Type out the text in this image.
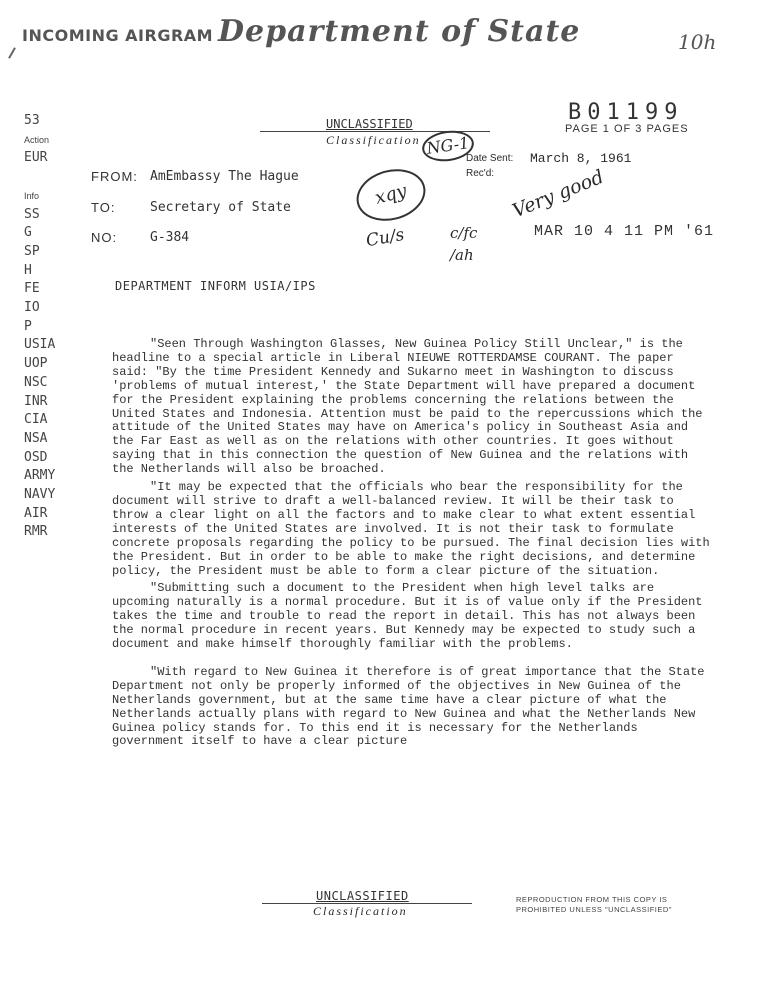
INCOMING AIRGRAM Department of State	10h
B01199
PAGE 1 OF 3 PAGES
UNCLASSIFIED
Classification
53
Action
EUR

Info
SS
G
SP
H
FE
IO
P
USIA
UOP
NSC
INR
CIA
NSA
OSD
ARMY
NAVY
AIR
RMR
FROM: AmEmbassy The Hague
TO:	Secretary of State
NO:	G-384
Date Sent: March 8, 1961
Rec'd:
MAR 10 4 11 PM '61
NG-1
xqy
Cu/s	c/fc
/ah
Very good
DEPARTMENT INFORM USIA/IPS

"Seen Through Washington Glasses, New Guinea Policy Still Unclear," is the headline to a special article in Liberal NIEUWE ROTTERDAMSE COURANT. The paper said: "By the time President Kennedy and Sukarno meet in Washington to discuss 'problems of mutual interest,' the State Department will have prepared a document for the President explaining the problems concerning the relations between the United States and Indonesia. Attention must be paid to the repercussions which the attitude of the United States may have on America's policy in Southeast Asia and the Far East as well as on the relations with other countries. It goes without saying that in this connection the question of New Guinea and the relations with the Netherlands will also be broached.

"It may be expected that the officials who bear the responsibility for the document will strive to draft a well-balanced review. It will be their task to throw a clear light on all the factors and to make clear to what extent essential interests of the United States are involved. It is not their task to formulate concrete proposals regarding the policy to be pursued. The final decision lies with the President. But in order to be able to make the right decisions, and determine policy, the President must be able to form a clear picture of the situation.

"Submitting such a document to the President when high level talks are upcoming naturally is a normal procedure. But it is of value only if the President takes the time and trouble to read the report in detail. This has not always been the normal procedure in recent years. But Kennedy may be expected to study such a document and make himself thoroughly familiar with the problems.

"With regard to New Guinea it therefore is of great importance that the State Department not only be properly informed of the objectives in New Guinea of the Netherlands government, but at the same time have a clear picture of what the Netherlands actually plans with regard to New Guinea and what the Netherlands New Guinea policy stands for. To this end it is necessary for the Netherlands government itself to have a clear picture

UNCLASSIFIED
Classification
REPRODUCTION FROM THIS COPY IS
PROHIBITED UNLESS "UNCLASSIFIED"
